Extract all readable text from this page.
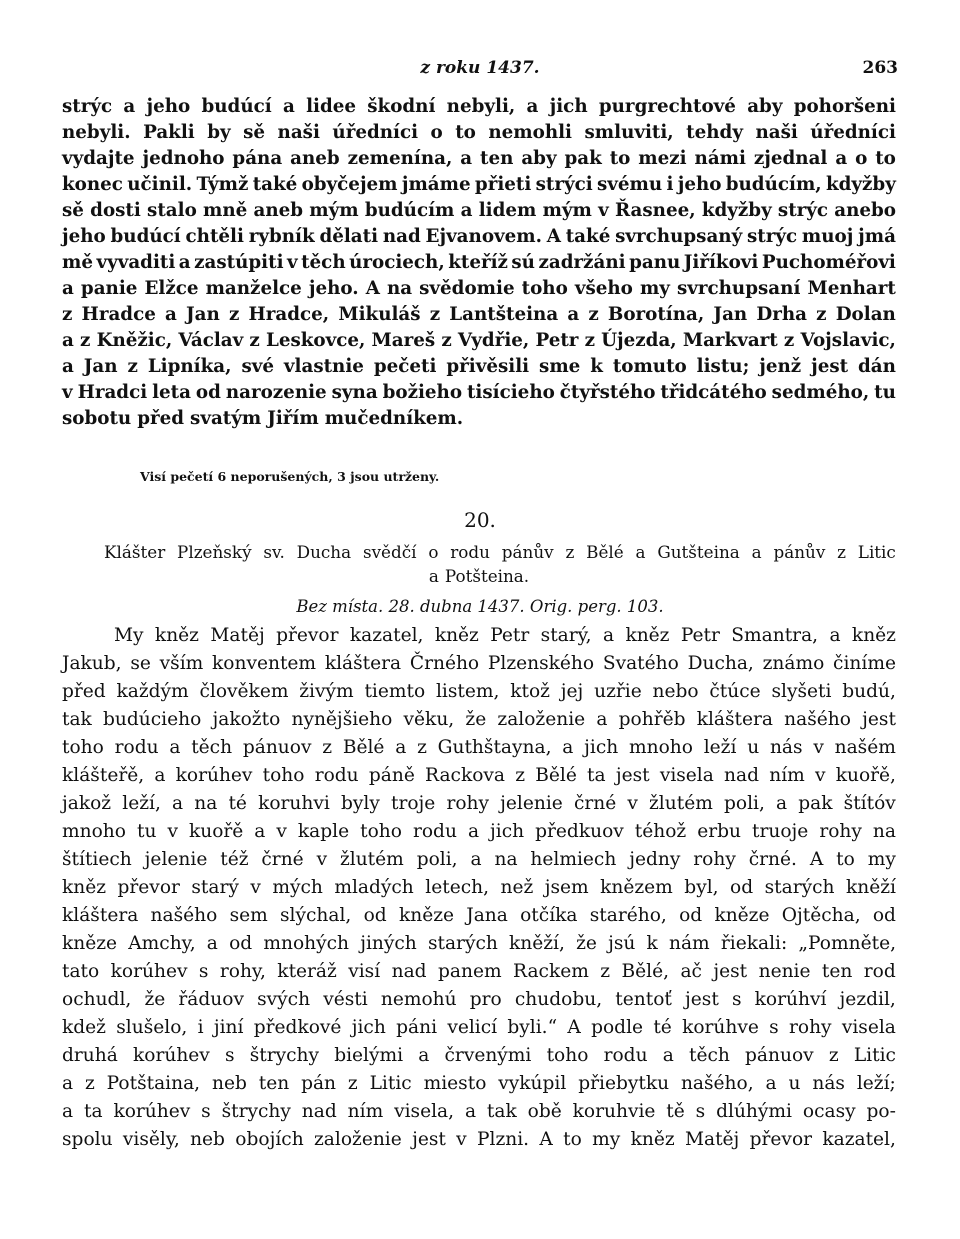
z roku 1437.	263
strýc a jeho budúcí a lidee škodní nebyli, a jich purgrechtové aby pohoršeni
nebyli. Pakli by sě naši úředníci o to nemohli smluviti, tehdy naši úředníci
vydajte jednoho pána aneb zemenína, a ten aby pak to mezi námi zjednal a o to
konec učinil. Týmž také obyčejem jmáme přieti strýci svému i jeho budúcím, kdyžby
sě dosti stalo mně aneb mým budúcím a lidem mým v Řasnee, kdyžby strýc anebo
jeho budúcí chtěli rybník dělati nad Ejvanovem. A také svrchupsaný strýc muoj jmá
mě vyvaditi a zastúpiti v těch úrociech, kteříž sú zadržáni panu Jiříkovi Puchoméřovi
a panie Elžce manželce jeho. A na svědomie toho všeho my svrchupsaní Menhart
z Hradce a Jan z Hradce, Mikuláš z Lantšteina a z Borotína, Jan Drha z Dolan
a z Kněžic, Václav z Leskovce, Mareš z Vydřie, Petr z Újezda, Markvart z Vojslavic,
a Jan z Lipníka, své vlastnie pečeti přivěsili sme k tomuto listu; jenž jest dán
v Hradci leta od narozenie syna božieho tisícieho čtyřstého třidcátého sedmého, tu
sobotu před svatým Jiřím mučedníkem.
Visí pečetí 6 neporušených, 3 jsou utrženy.
20.
Klášter Plzeňský sv. Ducha svědčí o rodu pánův z Bělé a Gutšteina a pánův z Litic
a Potšteina.
Bez místa. 28. dubna 1437. Orig. perg. 103.
My kněz Matěj převor kazatel, kněz Petr starý, a kněz Petr Smantra, a kněz
Jakub, se vším konventem kláštera Črného Plzenského Svatého Ducha, známo činíme
před každým člověkem živým tiemto listem, ktož jej uzřie nebo čtúce slyšeti budú,
tak budúcieho jakožto nynějšieho věku, že založenie a pohřěb kláštera našého jest
toho rodu a těch pánuov z Bělé a z Guthštayna, a jich mnoho leží u nás v našém
klášteřě, a korúhev toho rodu páně Rackova z Bělé ta jest visela nad ním v kuořě,
jakož leží, a na té koruhvi byly troje rohy jelenie črné v žlutém poli, a pak štítóv
mnoho tu v kuořě a v kaple toho rodu a jich předkuov téhož erbu truoje rohy na
štítiech jelenie též črné v žlutém poli, a na helmiech jedny rohy črné. A to my
kněz převor starý v mých mladých letech, než jsem knězem byl, od starých kněží
kláštera našého sem slýchal, od kněze Jana otčíka starého, od kněze Ojtěcha, od
kněze Amchy, a od mnohých jiných starých kněží, že jsú k nám řiekali: „Pomněte,
tato korúhev s rohy, kteráž visí nad panem Rackem z Bělé, ač jest nenie ten rod
ochudl, že řáduov svých vésti nemohú pro chudobu, tentoť jest s korúhví jezdil,
kdež slušelo, i jiní předkové jich páni velicí byli.“ A podle té korúhve s rohy visela
druhá korúhev s štrychy bielými a črvenými toho rodu a těch pánuov z Litic
a z Potštaina, neb ten pán z Litic miesto vykúpil přiebytku našého, a u nás leží;
a ta korúhev s štrychy nad ním visela, a tak obě koruhvie tě s dlúhými ocasy po-
spolu visěly, neb obojích založenie jest v Plzni. A to my kněz Matěj převor kazatel,
